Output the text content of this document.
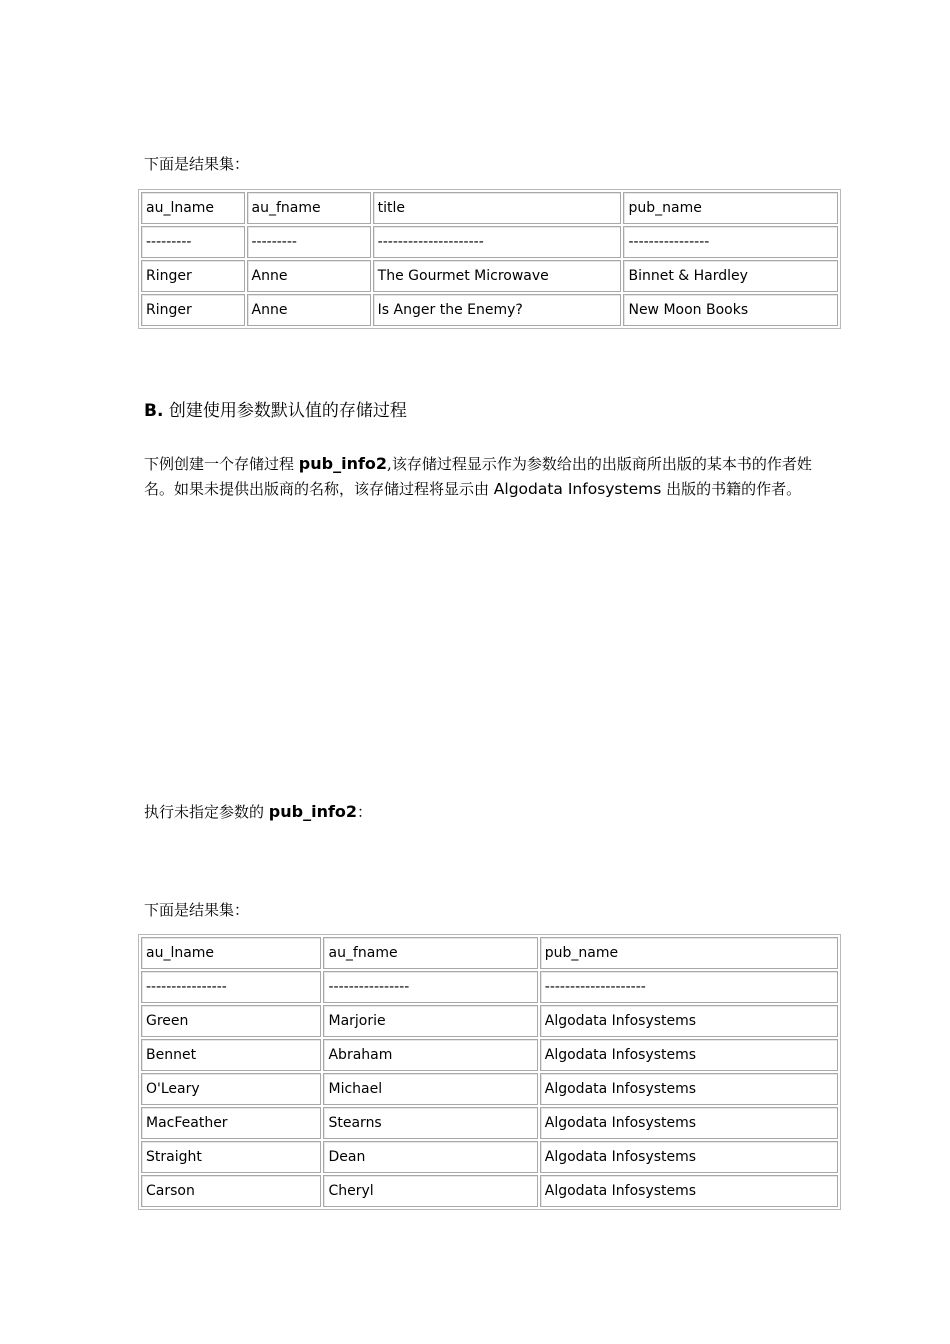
下面是结果集：
au_lname	au_fname	title	pub_name
---------	---------	---------------------	----------------
Ringer	Anne	The Gourmet Microwave	Binnet & Hardley
Ringer	Anne	Is Anger the Enemy?	New Moon Books
B. 创建使用参数默认值的存储过程
下例创建一个存储过程 pub_info2,该存储过程显示作为参数给出的出版商所出版的某本书的作者姓名。如果未提供出版商的名称，该存储过程将显示由 Algodata Infosystems 出版的书籍的作者。
执行未指定参数的 pub_info2：
下面是结果集：
au_lname	au_fname	pub_name
----------------	----------------	--------------------
Green	Marjorie	Algodata Infosystems
Bennet	Abraham	Algodata Infosystems
O'Leary	Michael	Algodata Infosystems
MacFeather	Stearns	Algodata Infosystems
Straight	Dean	Algodata Infosystems
Carson	Cheryl	Algodata Infosystems
